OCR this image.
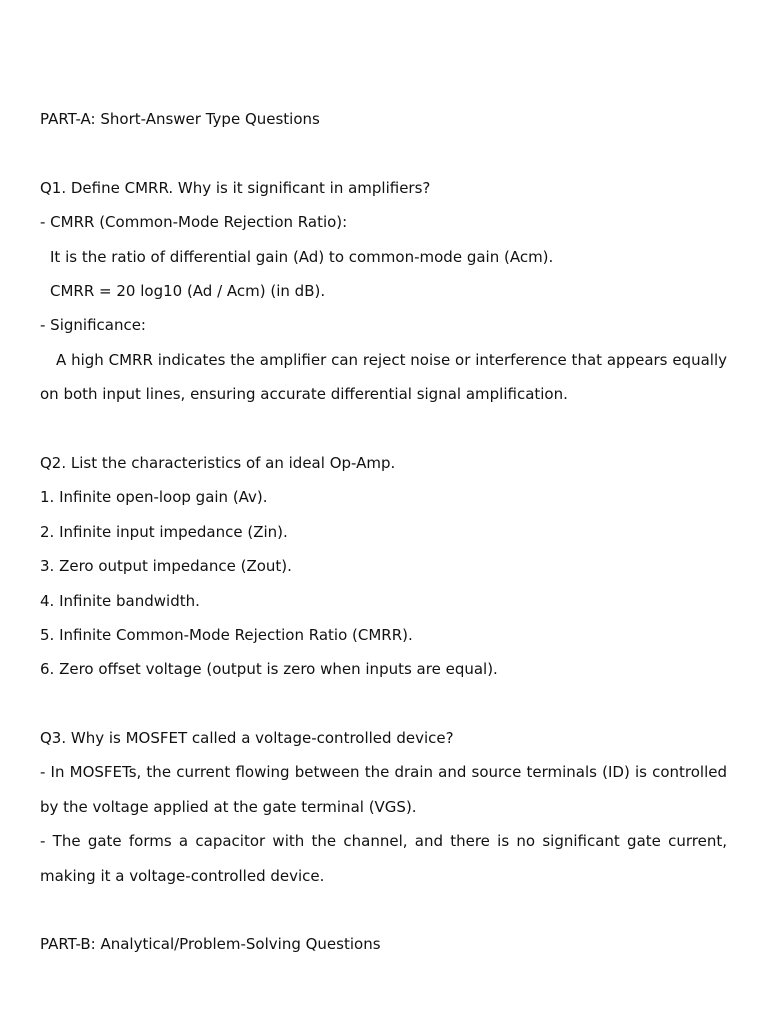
PART-A: Short-Answer Type Questions
Q1. Define CMRR. Why is it significant in amplifiers?
- CMRR (Common-Mode Rejection Ratio):
It is the ratio of differential gain (Ad) to common-mode gain (Acm).
CMRR = 20 log10 (Ad / Acm) (in dB).
- Significance:
A high CMRR indicates the amplifier can reject noise or interference that appears equally on both input lines, ensuring accurate differential signal amplification.
Q2. List the characteristics of an ideal Op-Amp.
1. Infinite open-loop gain (Av).
2. Infinite input impedance (Zin).
3. Zero output impedance (Zout).
4. Infinite bandwidth.
5. Infinite Common-Mode Rejection Ratio (CMRR).
6. Zero offset voltage (output is zero when inputs are equal).
Q3. Why is MOSFET called a voltage-controlled device?
- In MOSFETs, the current flowing between the drain and source terminals (ID) is controlled by the voltage applied at the gate terminal (VGS).
- The gate forms a capacitor with the channel, and there is no significant gate current, making it a voltage-controlled device.
PART-B: Analytical/Problem-Solving Questions
